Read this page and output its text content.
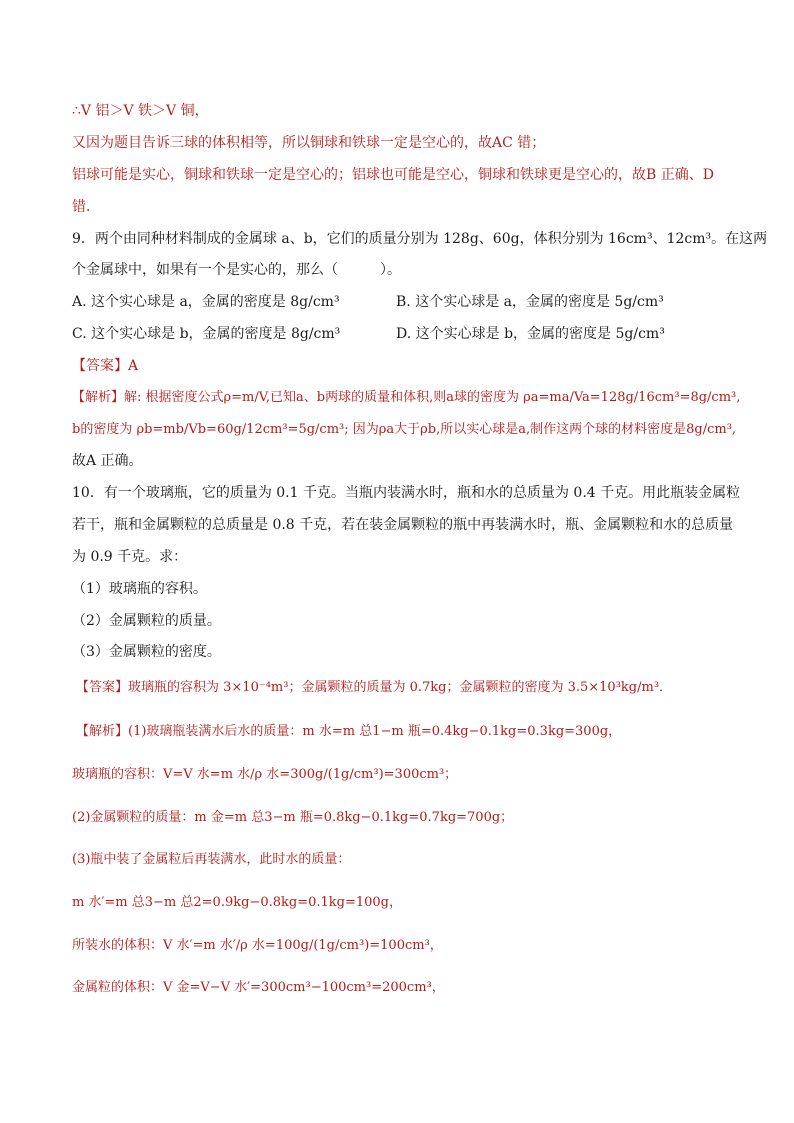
∴V 铝＞V 铁＞V 铜，
又因为题目告诉三球的体积相等，所以铜球和铁球一定是空心的，故AC 错；
铝球可能是实心，铜球和铁球一定是空心的；铝球也可能是空心，铜球和铁球更是空心的，故B 正确、D
错．
9．两个由同种材料制成的金属球 a、b，它们的质量分别为 128g、60g，体积分别为 16cm³、12cm³。在这两
个金属球中，如果有一个是实心的，那么（　　　）。
A. 这个实心球是 a，金属的密度是 8g/cm³	B. 这个实心球是 a，金属的密度是 5g/cm³
C. 这个实心球是 b，金属的密度是 8g/cm³	D. 这个实心球是 b，金属的密度是 5g/cm³
【答案】A
【解析】解: 根据密度公式ρ=m/V,已知a、b两球的质量和体积,则a球的密度为 ρa=ma/Va=128g/16cm³=8g/cm³,
b的密度为 ρb=mb/Vb=60g/12cm³=5g/cm³; 因为ρa大于ρb,所以实心球是a,制作这两个球的材料密度是8g/cm³,
故A 正确。
10．有一个玻璃瓶，它的质量为 0.1 千克。当瓶内装满水时，瓶和水的总质量为 0.4 千克。用此瓶装金属粒
若干，瓶和金属颗粒的总质量是 0.8 千克，若在装金属颗粒的瓶中再装满水时，瓶、金属颗粒和水的总质量
为 0.9 千克。求：
（1）玻璃瓶的容积。
（2）金属颗粒的质量。
（3）金属颗粒的密度。
【答案】玻璃瓶的容积为 3×10⁻⁴m³；金属颗粒的质量为 0.7kg；金属颗粒的密度为 3.5×10³kg/m³．
【解析】(1)玻璃瓶装满水后水的质量：m 水=m 总1−m 瓶=0.4kg−0.1kg=0.3kg=300g，
玻璃瓶的容积：V=V 水=m 水/ρ 水=300g/(1g/cm³)=300cm³；
(2)金属颗粒的质量：m 金=m 总3−m 瓶=0.8kg−0.1kg=0.7kg=700g；
(3)瓶中装了金属粒后再装满水，此时水的质量：
m 水′=m 总3−m 总2=0.9kg−0.8kg=0.1kg=100g，
所装水的体积：V 水′=m 水′/ρ 水=100g/(1g/cm³)=100cm³，
金属粒的体积：V 金=V−V 水′=300cm³−100cm³=200cm³，
